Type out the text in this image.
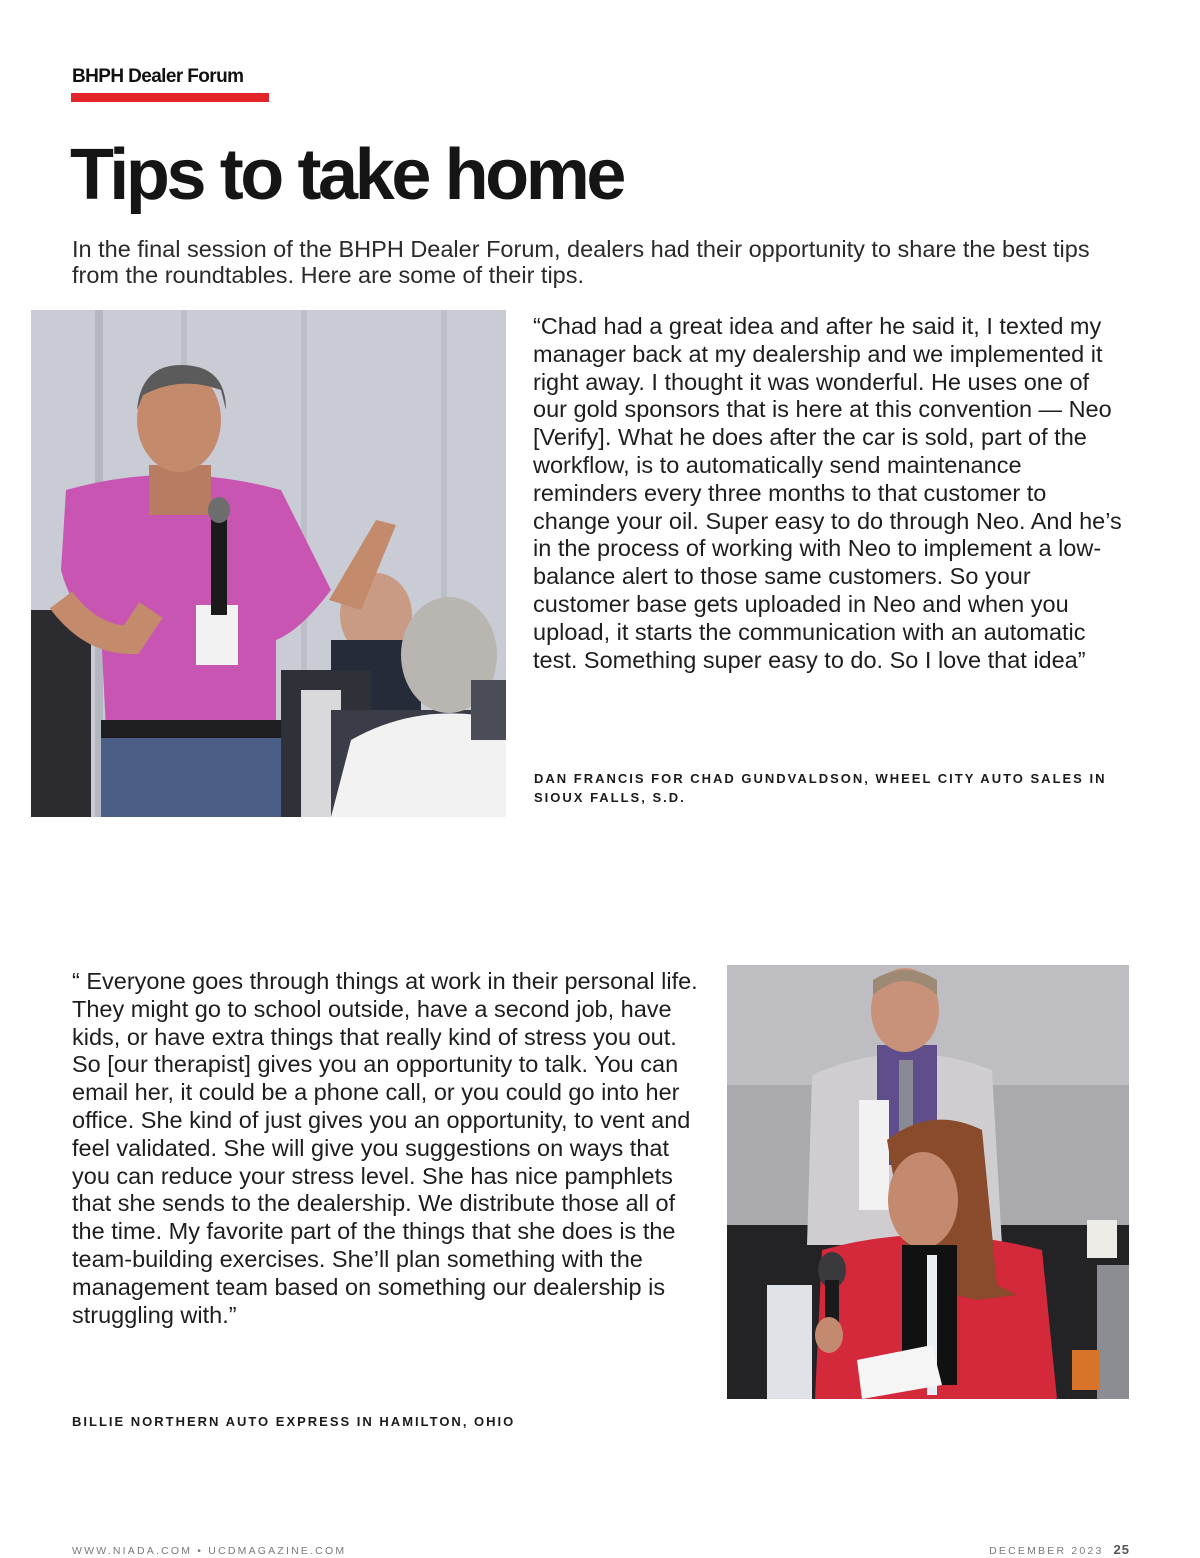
BHPH Dealer Forum
Tips to take home

In the final session of the BHPH Dealer Forum, dealers had their opportunity to share the best tips from the roundtables. Here are some of their tips.

“Chad had a great idea and after he said it, I texted my manager back at my dealership and we implemented it right away. I thought it was wonderful. He uses one of our gold sponsors that is here at this convention — Neo [Verify]. What he does after the car is sold, part of the workflow, is to automatically send maintenance reminders every three months to that customer to change your oil. Super easy to do through Neo. And he’s in the process of working with Neo to implement a low-balance alert to those same customers. So your customer base gets uploaded in Neo and when you upload, it starts the communication with an automatic test. Something super easy to do. So I love that idea”

DAN FRANCIS FOR CHAD GUNDVALDSON, WHEEL CITY AUTO SALES IN SIOUX FALLS, S.D.

“ Everyone goes through things at work in their personal life. They might go to school outside, have a second job, have kids, or have extra things that really kind of stress you out. So [our therapist] gives you an opportunity to talk. You can email her, it could be a phone call, or you could go into her office. She kind of just gives you an opportunity, to vent and feel validated. She will give you suggestions on ways that you can reduce your stress level. She has nice pamphlets that she sends to the dealership. We distribute those all of the time. My favorite part of the things that she does is the team-building exercises. She’ll plan something with the management team based on something our dealership is struggling with.”

BILLIE NORTHERN AUTO EXPRESS IN HAMILTON, OHIO

WWW.NIADA.COM • UCDMAGAZINE.COM	DECEMBER 2023 25
